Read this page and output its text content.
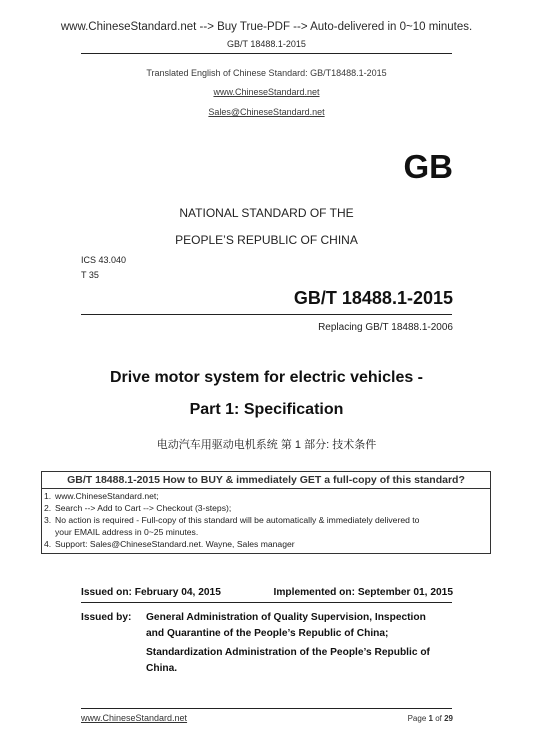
www.ChineseStandard.net --> Buy True-PDF --> Auto-delivered in 0~10 minutes.
GB/T 18488.1-2015
Translated English of Chinese Standard: GB/T18488.1-2015
www.ChineseStandard.net
Sales@ChineseStandard.net
GB
NATIONAL STANDARD OF THE
PEOPLE’S REPUBLIC OF CHINA
ICS 43.040
T 35
GB/T 18488.1-2015
Replacing GB/T 18488.1-2006
Drive motor system for electric vehicles -
Part 1: Specification
电动汽车用驱动电机系统 第 1 部分: 技术条件
GB/T 18488.1-2015 How to BUY & immediately GET a full-copy of this standard?
1. www.ChineseStandard.net;
2. Search --> Add to Cart --> Checkout (3-steps);
3. No action is required - Full-copy of this standard will be automatically & immediately delivered to
your EMAIL address in 0~25 minutes.
4. Support: Sales@ChineseStandard.net. Wayne, Sales manager
Issued on: February 04, 2015	Implemented on: September 01, 2015
Issued by: General Administration of Quality Supervision, Inspection
and Quarantine of the People’s Republic of China;
Standardization Administration of the People’s Republic of
China.
www.ChineseStandard.net	Page 1 of 29
